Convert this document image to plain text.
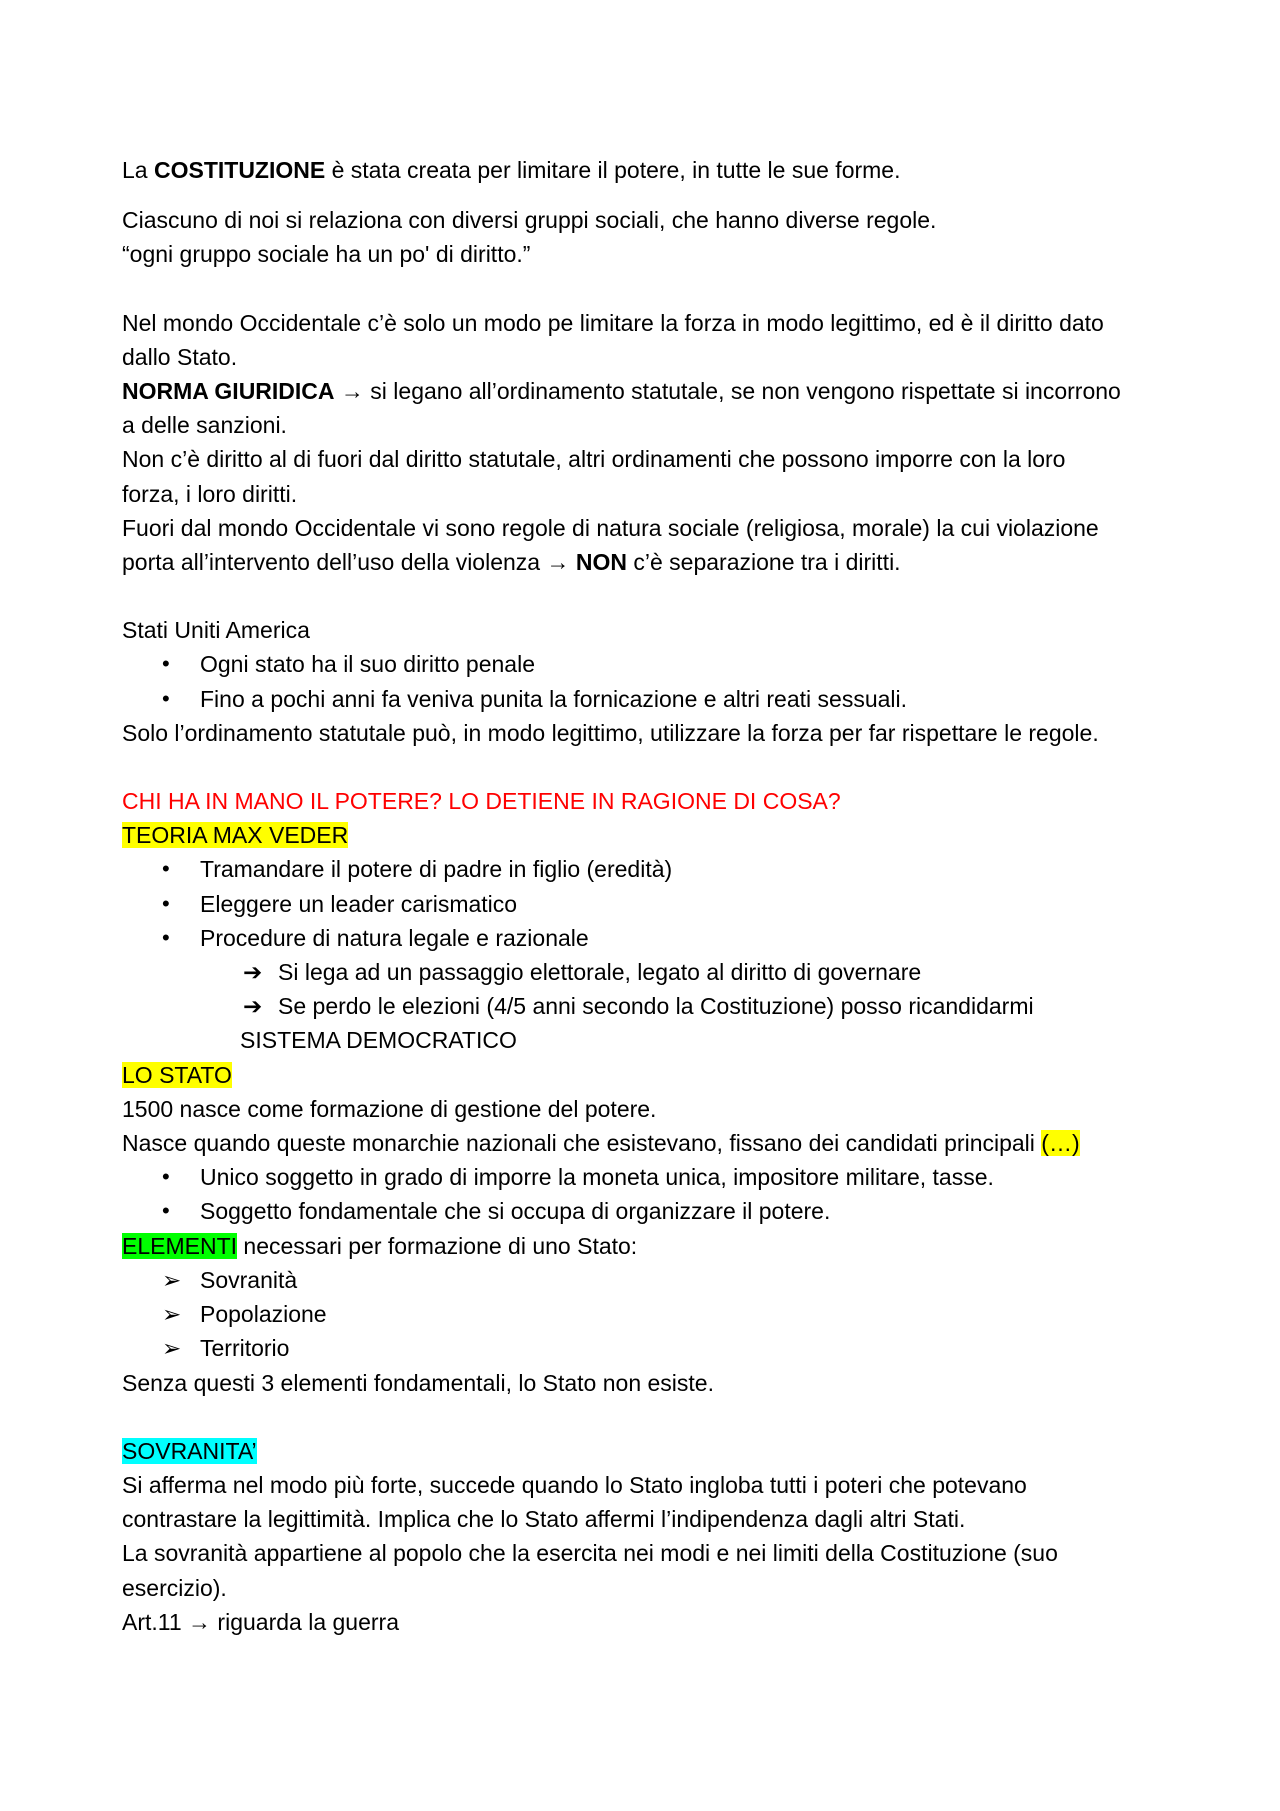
La COSTITUZIONE è stata creata per limitare il potere, in tutte le sue forme.

Ciascuno di noi si relaziona con diversi gruppi sociali, che hanno diverse regole.

“ogni gruppo sociale ha un po' di diritto.”

Nel mondo Occidentale c’è solo un modo pe limitare la forza in modo legittimo, ed è il diritto dato

dallo Stato.

NORMA GIURIDICA → si legano all’ordinamento statutale, se non vengono rispettate si incorrono

a delle sanzioni.

Non c’è diritto al di fuori dal diritto statutale, altri ordinamenti che possono imporre con la loro

forza, i loro diritti.

Fuori dal mondo Occidentale vi sono regole di natura sociale (religiosa, morale) la cui violazione

porta all’intervento dell’uso della violenza → NON c’è separazione tra i diritti.

Stati Uniti America

• Ogni stato ha il suo diritto penale
• Fino a pochi anni fa veniva punita la fornicazione e altri reati sessuali.

Solo l’ordinamento statutale può, in modo legittimo, utilizzare la forza per far rispettare le regole.

CHI HA IN MANO IL POTERE? LO DETIENE IN RAGIONE DI COSA?

TEORIA MAX VEDER

• Tramandare il potere di padre in figlio (eredità)
• Eleggere un leader carismatico
• Procedure di natura legale e razionale
➔ Si lega ad un passaggio elettorale, legato al diritto di governare
➔ Se perdo le elezioni (4/5 anni secondo la Costituzione) posso ricandidarmi

SISTEMA DEMOCRATICO

LO STATO

1500 nasce come formazione di gestione del potere.

Nasce quando queste monarchie nazionali che esistevano, fissano dei candidati principali (…)

• Unico soggetto in grado di imporre la moneta unica, impositore militare, tasse.
• Soggetto fondamentale che si occupa di organizzare il potere.

ELEMENTI necessari per formazione di uno Stato:

➢ Sovranità
➢ Popolazione
➢ Territorio

Senza questi 3 elementi fondamentali, lo Stato non esiste.

SOVRANITA’

Si afferma nel modo più forte, succede quando lo Stato ingloba tutti i poteri che potevano

contrastare la legittimità. Implica che lo Stato affermi l’indipendenza dagli altri Stati.

La sovranità appartiene al popolo che la esercita nei modi e nei limiti della Costituzione (suo

esercizio).

Art.11 → riguarda la guerra
